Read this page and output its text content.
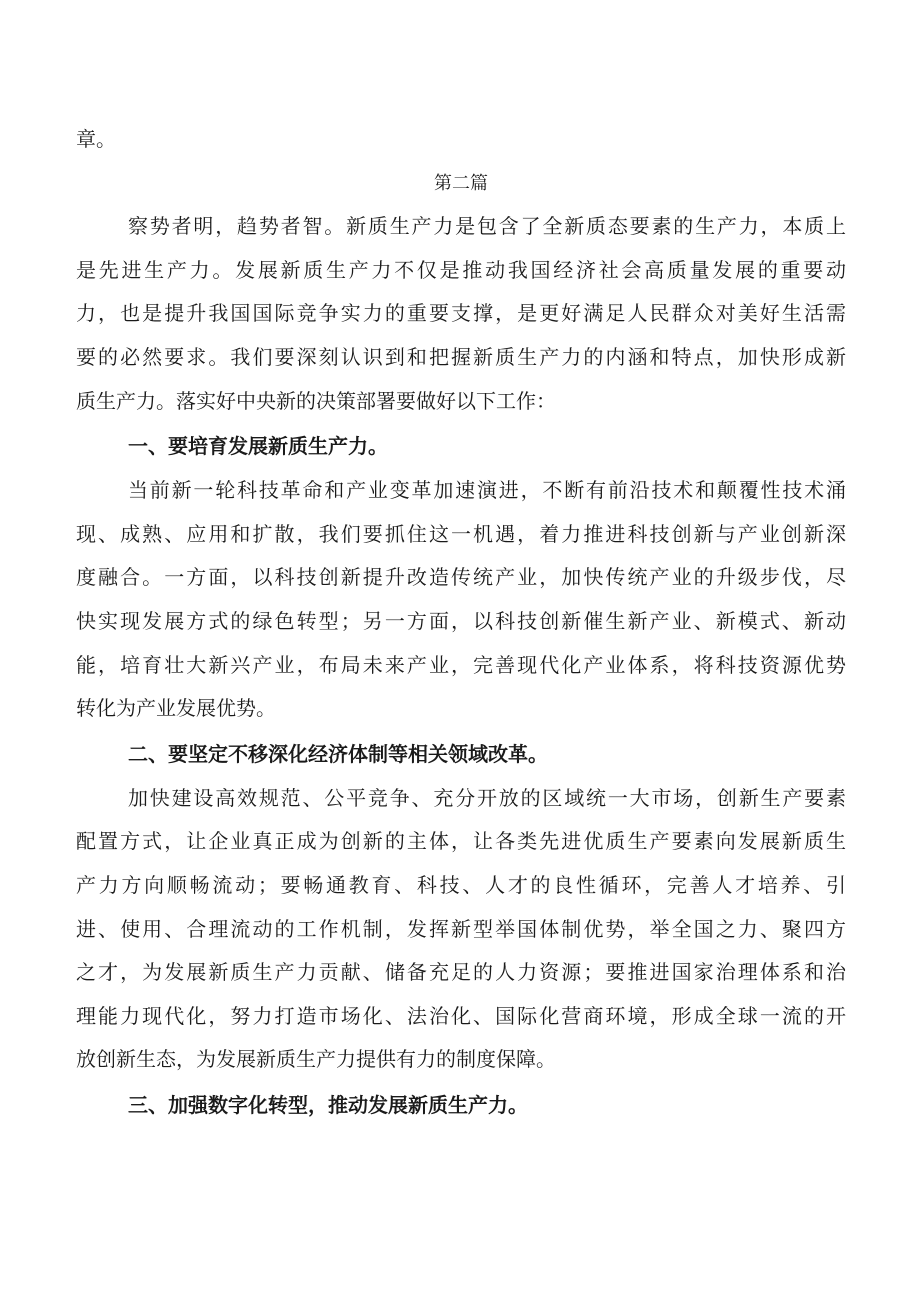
章。
第二篇
察势者明，趋势者智。新质生产力是包含了全新质态要素的生产力，本质上
是先进生产力。发展新质生产力不仅是推动我国经济社会高质量发展的重要动
力，也是提升我国国际竞争实力的重要支撑，是更好满足人民群众对美好生活需
要的必然要求。我们要深刻认识到和把握新质生产力的内涵和特点，加快形成新
质生产力。落实好中央新的决策部署要做好以下工作：
一、要培育发展新质生产力。
当前新一轮科技革命和产业变革加速演进，不断有前沿技术和颠覆性技术涌
现、成熟、应用和扩散，我们要抓住这一机遇，着力推进科技创新与产业创新深
度融合。一方面，以科技创新提升改造传统产业，加快传统产业的升级步伐，尽
快实现发展方式的绿色转型；另一方面，以科技创新催生新产业、新模式、新动
能，培育壮大新兴产业，布局未来产业，完善现代化产业体系，将科技资源优势
转化为产业发展优势。
二、要坚定不移深化经济体制等相关领域改革。
加快建设高效规范、公平竞争、充分开放的区域统一大市场，创新生产要素
配置方式，让企业真正成为创新的主体，让各类先进优质生产要素向发展新质生
产力方向顺畅流动；要畅通教育、科技、人才的良性循环，完善人才培养、引
进、使用、合理流动的工作机制，发挥新型举国体制优势，举全国之力、聚四方
之才，为发展新质生产力贡献、储备充足的人力资源；要推进国家治理体系和治
理能力现代化，努力打造市场化、法治化、国际化营商环境，形成全球一流的开
放创新生态，为发展新质生产力提供有力的制度保障。
三、加强数字化转型，推动发展新质生产力。
